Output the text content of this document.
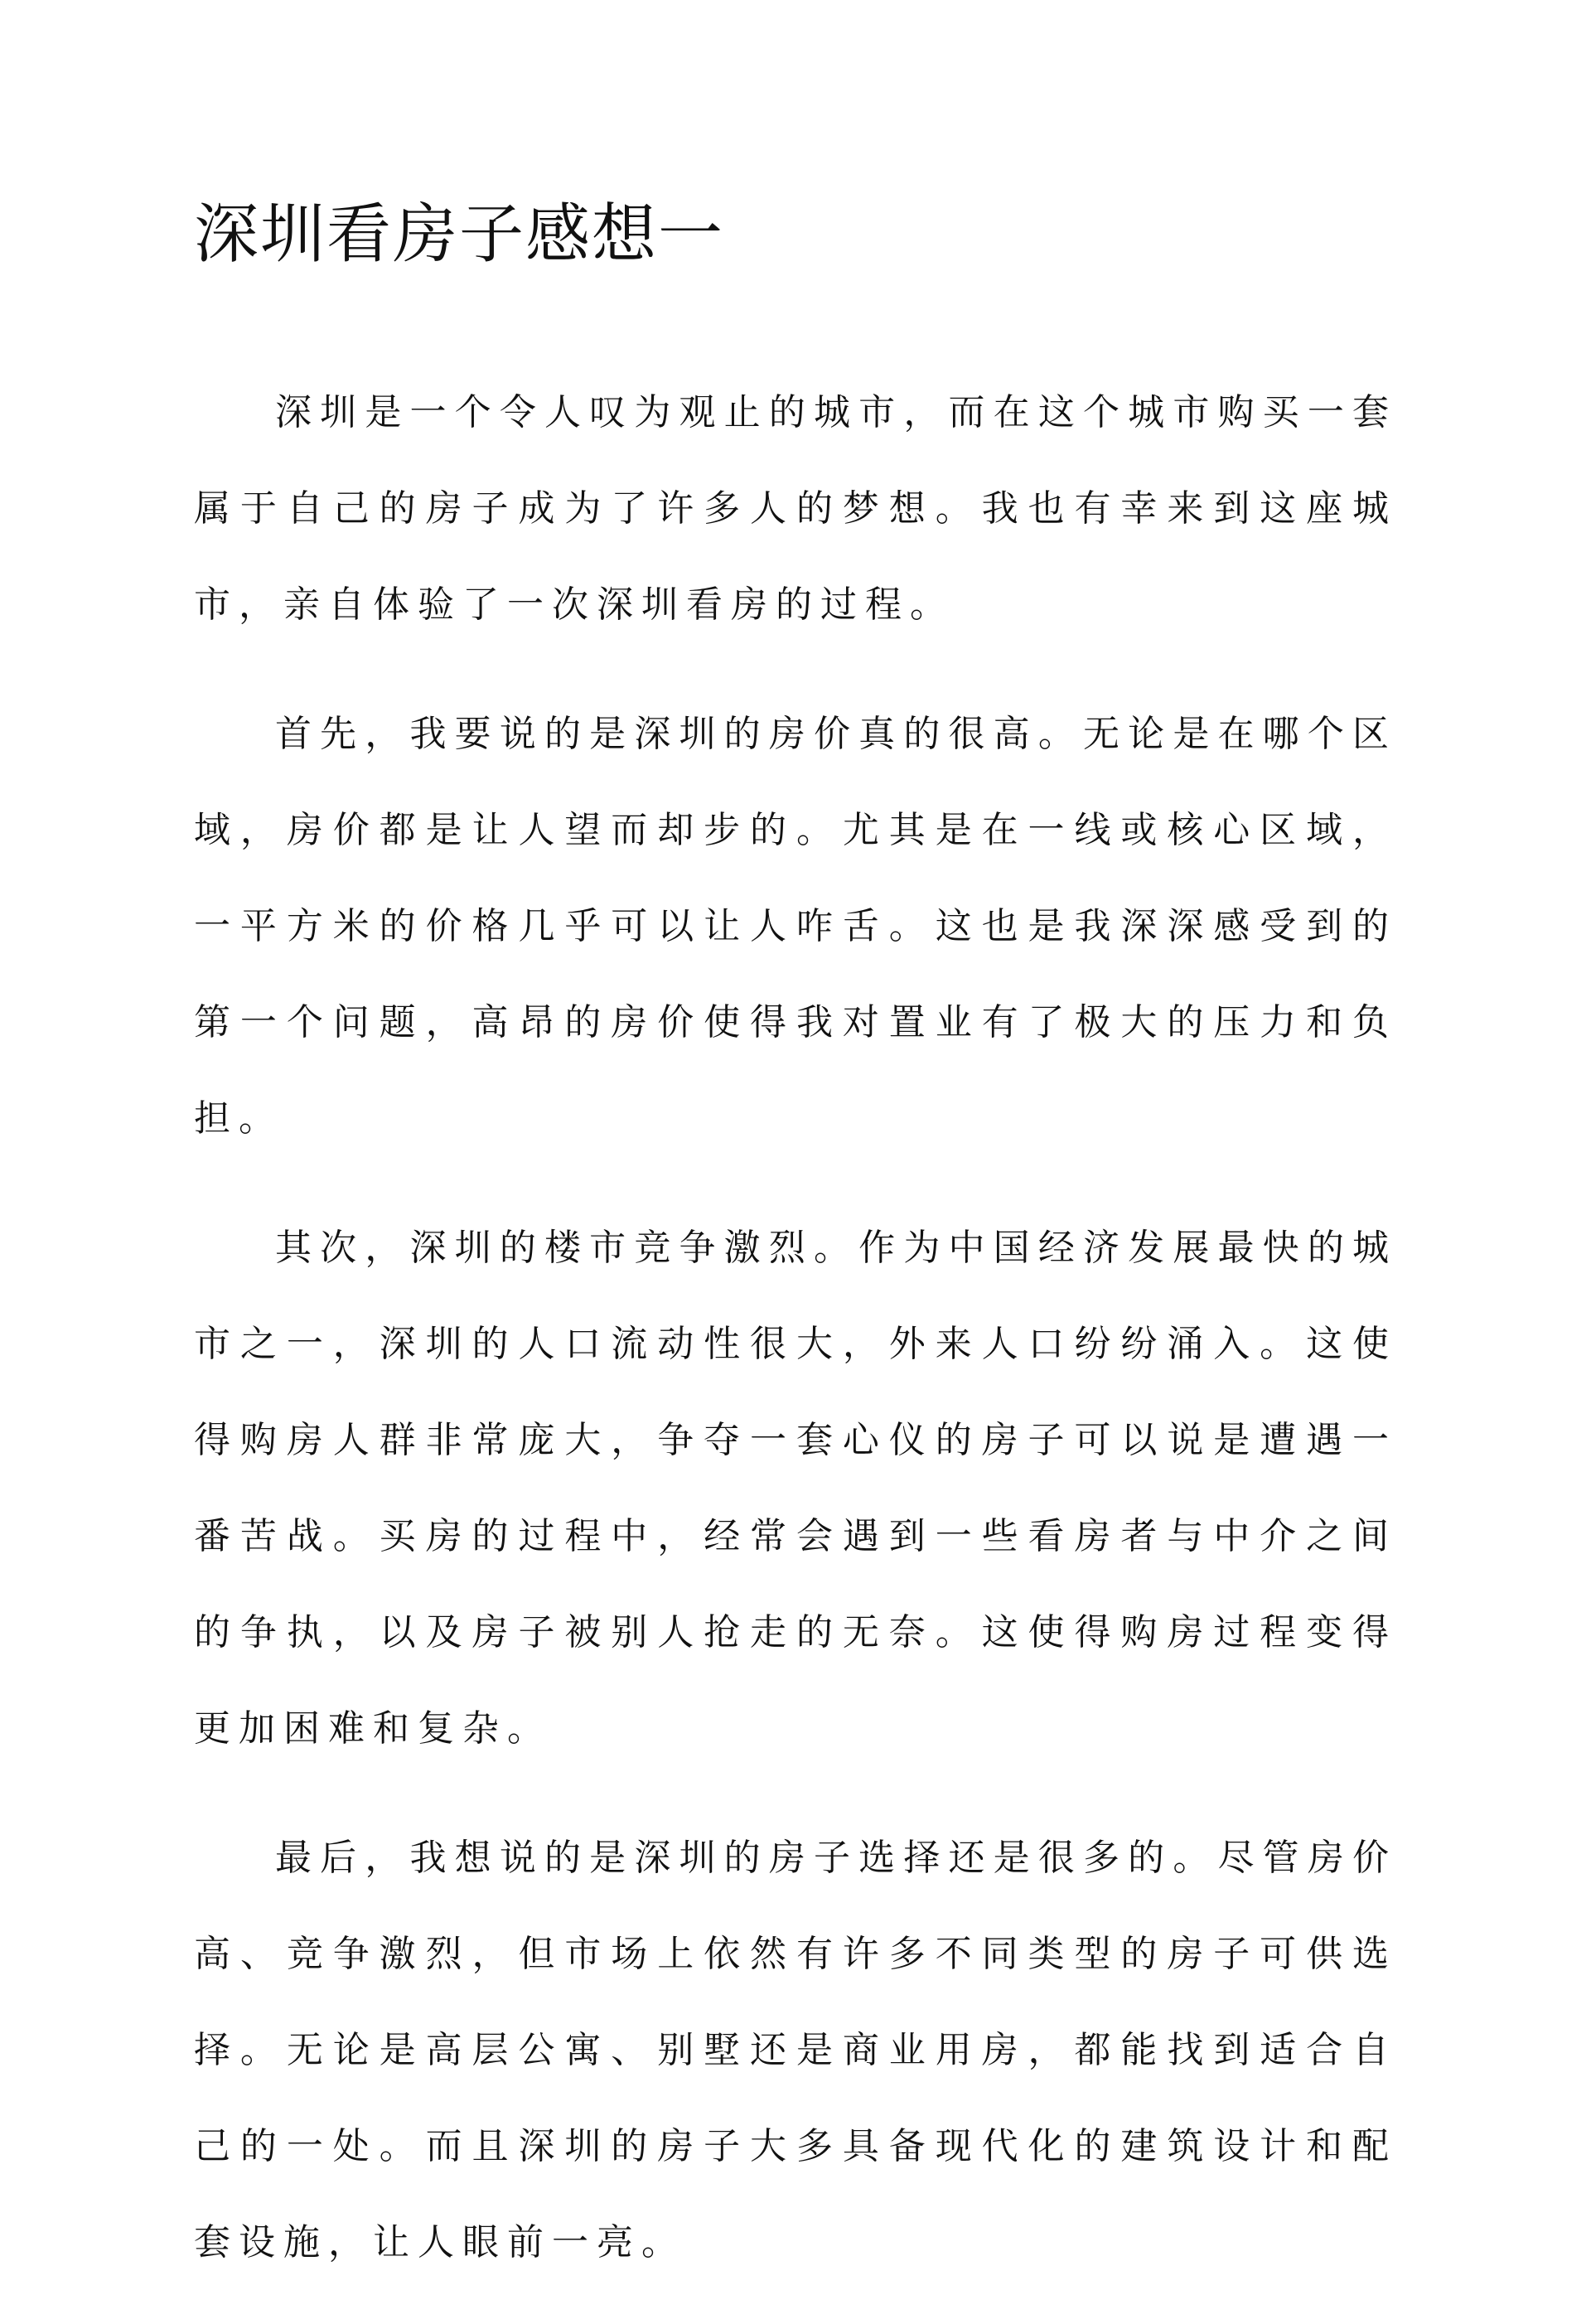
深圳看房子感想一

深圳是一个令人叹为观止的城市，而在这个城市购买一套属于自己的房子成为了许多人的梦想。我也有幸来到这座城市，亲自体验了一次深圳看房的过程。

首先，我要说的是深圳的房价真的很高。无论是在哪个区域，房价都是让人望而却步的。尤其是在一线或核心区域，一平方米的价格几乎可以让人咋舌。这也是我深深感受到的第一个问题，高昂的房价使得我对置业有了极大的压力和负担。

其次，深圳的楼市竞争激烈。作为中国经济发展最快的城市之一，深圳的人口流动性很大，外来人口纷纷涌入。这使得购房人群非常庞大，争夺一套心仪的房子可以说是遭遇一番苦战。买房的过程中，经常会遇到一些看房者与中介之间的争执，以及房子被别人抢走的无奈。这使得购房过程变得更加困难和复杂。

最后，我想说的是深圳的房子选择还是很多的。尽管房价高、竞争激烈，但市场上依然有许多不同类型的房子可供选择。无论是高层公寓、别墅还是商业用房，都能找到适合自己的一处。而且深圳的房子大多具备现代化的建筑设计和配套设施，让人眼前一亮。
